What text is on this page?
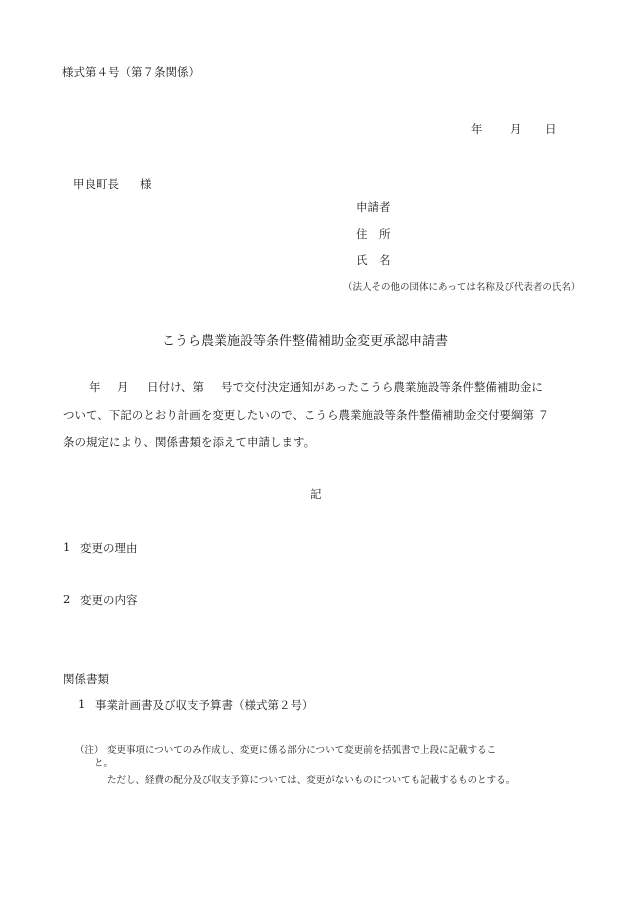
様式第４号（第７条関係）
年 月 日
甲良町長 様
申請者
住　所
氏　名
（法人その他の団体にあっては名称及び代表者の氏名）
こうら農業施設等条件整備補助金変更承認申請書
年 月 日付け、第 号で交付決定通知があったこうら農業施設等条件整備補助金に
ついて、下記のとおり計画を変更したいので、こうら農業施設等条件整備補助金交付要綱第 ７
条の規定により、関係書類を添えて申請します。
記
1 変更の理由
2 変更の内容
関係書類
1 事業計画書及び収支予算書（様式第２号）
（注） 変更事項についてのみ作成し、変更に係る部分について変更前を括弧書で上段に記載するこ
と。
ただし、経費の配分及び収支予算については、変更がないものについても記載するものとする。
